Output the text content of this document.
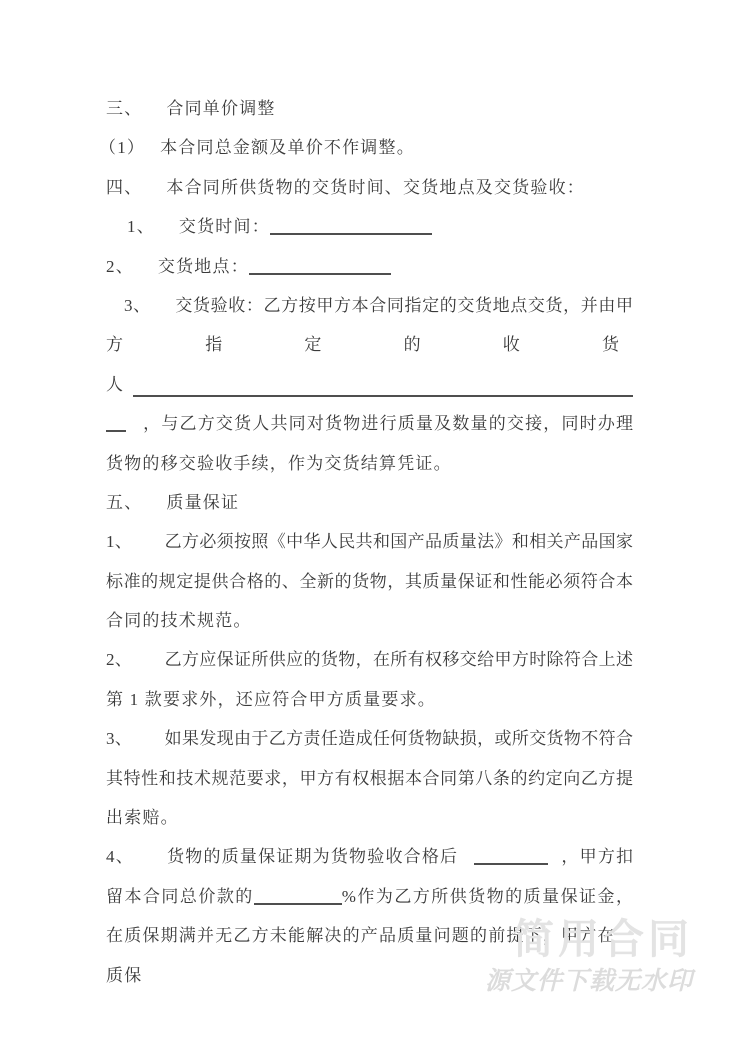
三、 合同单价调整
（1） 本合同总金额及单价不作调整。
四、 本合同所供货物的交货时间、交货地点及交货验收：
1、 交货时间：
2、 交货地点：
3、 交货验收：乙方按甲方本合同指定的交货地点交货，并由甲
方	指	定	的	收	货
人
，与乙方交货人共同对货物进行质量及数量的交接，同时办理
货物的移交验收手续，作为交货结算凭证。
五、 质量保证
1、 乙方必须按照《中华人民共和国产品质量法》和相关产品国家
标准的规定提供合格的、全新的货物，其质量保证和性能必须符合本
合同的技术规范。
2、 乙方应保证所供应的货物，在所有权移交给甲方时除符合上述
第 1 款要求外，还应符合甲方质量要求。
3、 如果发现由于乙方责任造成任何货物缺损，或所交货物不符合
其特性和技术规范要求，甲方有权根据本合同第八条的约定向乙方提
出索赔。
4、 货物的质量保证期为货物验收合格后	，甲方扣
留本合同总价款的	%作为乙方所供货物的质量保证金，
在质保期满并无乙方未能解决的产品质量问题的前提下，甲方在质保
简用合同
源文件下载无水印
